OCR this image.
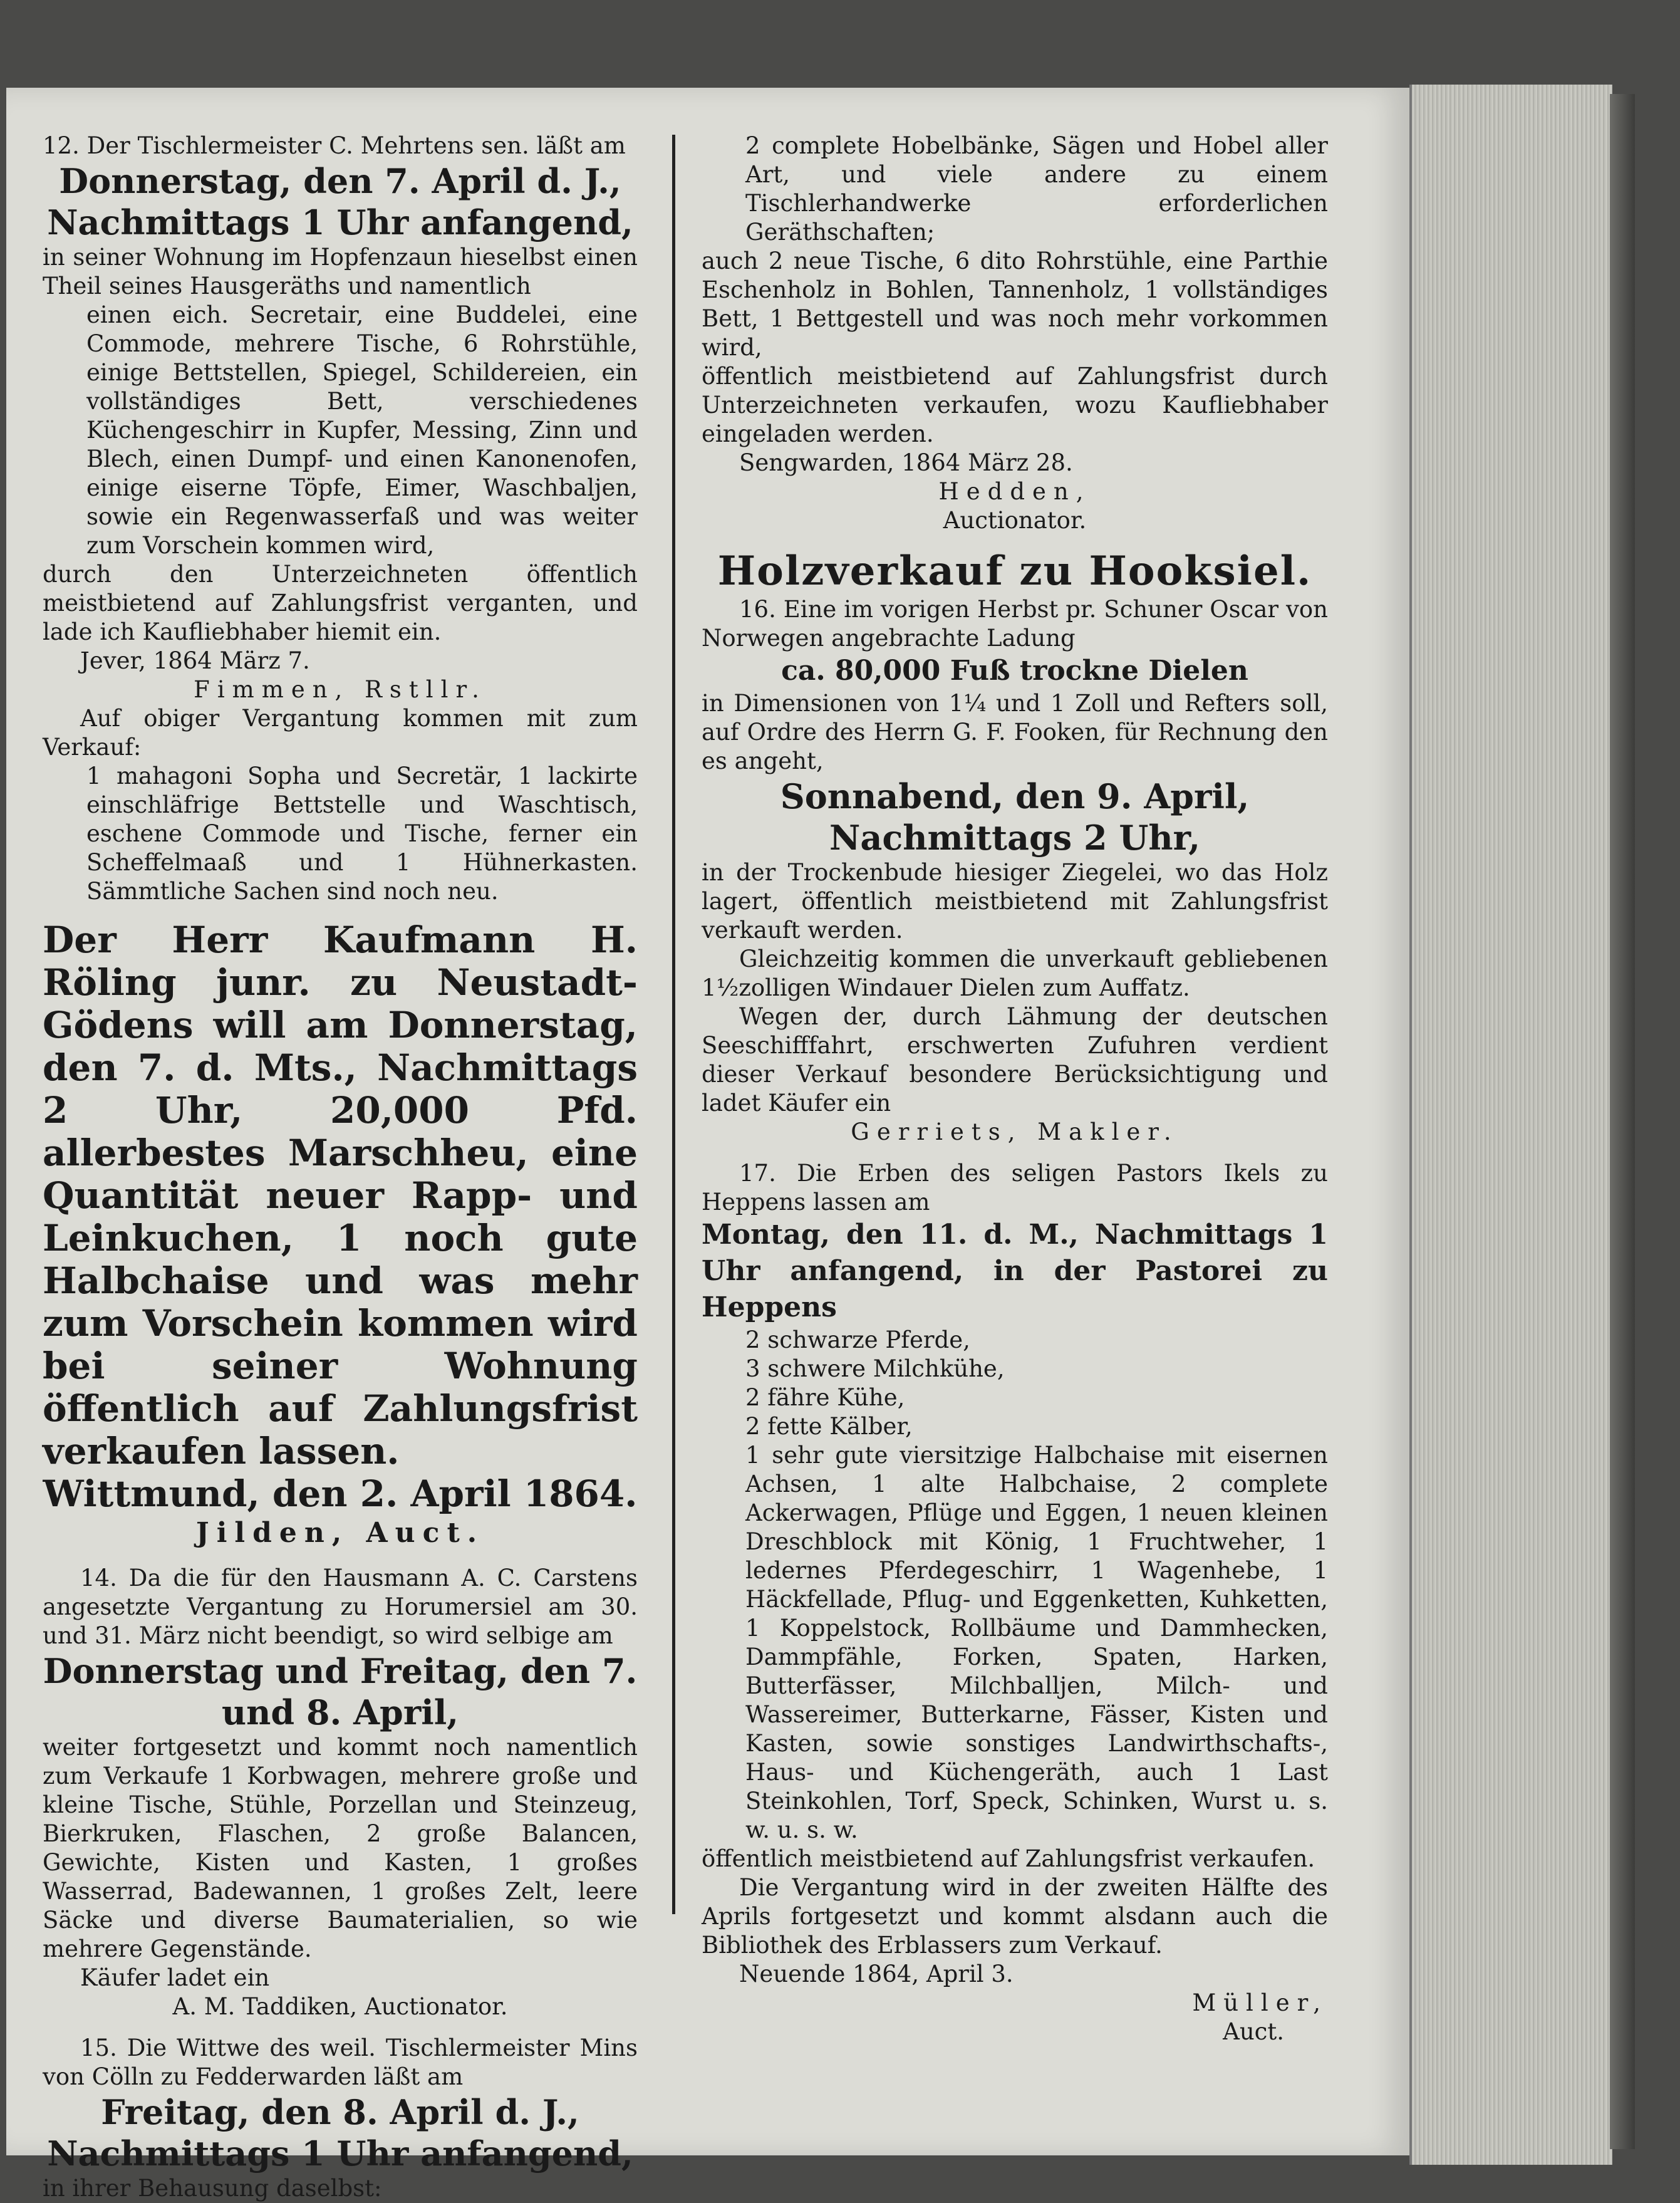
12. Der Tischlermeister C. Mehrtens sen. läßt am

Donnerstag, den 7. April d. J., Nachmittags 1 Uhr anfangend,

in seiner Wohnung im Hopfenzaun hieselbst einen Theil seines Hausgeräths und namentlich

einen eich. Secretair, eine Buddelei, eine Commode, mehrere Tische, 6 Rohrstühle, einige Bettstellen, Spiegel, Schildereien, ein vollständiges Bett, verschiedenes Küchengeschirr in Kupfer, Messing, Zinn und Blech, einen Dumpf- und einen Kanonenofen, einige eiserne Töpfe, Eimer, Waschbaljen, sowie ein Regenwasserfaß und was weiter zum Vorschein kommen wird,

durch den Unterzeichneten öffentlich meistbietend auf Zahlungsfrist verganten, und lade ich Kaufliebhaber hiemit ein.

Jever, 1864 März 7.

Fimmen, Rstllr.

Auf obiger Vergantung kommen mit zum Verkauf:

1 mahagoni Sopha und Secretär, 1 lackirte einschläfrige Bettstelle und Waschtisch, eschene Commode und Tische, ferner ein Scheffelmaaß und 1 Hühnerkasten. Sämmtliche Sachen sind noch neu.

Der Herr Kaufmann H. Röling junr. zu Neustadt-Gödens will am Donnerstag, den 7. d. Mts., Nachmittags 2 Uhr, 20,000 Pfd. allerbestes Marschheu, eine Quantität neuer Rapp- und Leinkuchen, 1 noch gute Halbchaise und was mehr zum Vorschein kommen wird bei seiner Wohnung öffentlich auf Zahlungsfrist verkaufen lassen.

Wittmund, den 2. April 1864.

Jilden, Auct.

14. Da die für den Hausmann A. C. Carstens angesetzte Vergantung zu Horumersiel am 30. und 31. März nicht beendigt, so wird selbige am

Donnerstag und Freitag, den 7. und 8. April,

weiter fortgesetzt und kommt noch namentlich zum Verkaufe 1 Korbwagen, mehrere große und kleine Tische, Stühle, Porzellan und Steinzeug, Bierkruken, Flaschen, 2 große Balancen, Gewichte, Kisten und Kasten, 1 großes Wasserrad, Badewannen, 1 großes Zelt, leere Säcke und diverse Baumaterialien, so wie mehrere Gegenstände.

Käufer ladet ein

A. M. Taddiken, Auctionator.

15. Die Wittwe des weil. Tischlermeister Mins von Cölln zu Fedderwarden läßt am

Freitag, den 8. April d. J., Nachmittags 1 Uhr anfangend,

in ihrer Behausung daselbst:

2 complete Hobelbänke, Sägen und Hobel aller Art, und viele andere zu einem Tischlerhandwerke erforderlichen Geräthschaften;

auch 2 neue Tische, 6 dito Rohrstühle, eine Parthie Eschenholz in Bohlen, Tannenholz, 1 vollständiges Bett, 1 Bettgestell und was noch mehr vorkommen wird,

öffentlich meistbietend auf Zahlungsfrist durch Unterzeichneten verkaufen, wozu Kaufliebhaber eingeladen werden.

Sengwarden, 1864 März 28.

Hedden,

Auctionator.

Holzverkauf zu Hooksiel.

16. Eine im vorigen Herbst pr. Schuner Oscar von Norwegen angebrachte Ladung

ca. 80,000 Fuß trockne Dielen

in Dimensionen von 1¼ und 1 Zoll und Refters soll, auf Ordre des Herrn G. F. Fooken, für Rechnung den es angeht,

Sonnabend, den 9. April, Nachmittags 2 Uhr,

in der Trockenbude hiesiger Ziegelei, wo das Holz lagert, öffentlich meistbietend mit Zahlungsfrist verkauft werden.

Gleichzeitig kommen die unverkauft gebliebenen 1½zolligen Windauer Dielen zum Auffatz.

Wegen der, durch Lähmung der deutschen Seeschifffahrt, erschwerten Zufuhren verdient dieser Verkauf besondere Berücksichtigung und ladet Käufer ein

Gerriets, Makler.

17. Die Erben des seligen Pastors Ikels zu Heppens lassen am

Montag, den 11. d. M., Nachmittags 1 Uhr anfangend, in der Pastorei zu Heppens

2 schwarze Pferde,

3 schwere Milchkühe,

2 fähre Kühe,

2 fette Kälber,

1 sehr gute viersitzige Halbchaise mit eisernen Achsen, 1 alte Halbchaise, 2 complete Ackerwagen, Pflüge und Eggen, 1 neuen kleinen Dreschblock mit König, 1 Fruchtweher, 1 ledernes Pferdegeschirr, 1 Wagenhebe, 1 Häckfellade, Pflug- und Eggenketten, Kuhketten, 1 Koppelstock, Rollbäume und Dammhecken, Dammpfähle, Forken, Spaten, Harken, Butterfässer, Milchballjen, Milch- und Wassereimer, Butterkarne, Fässer, Kisten und Kasten, sowie sonstiges Landwirthschafts-, Haus- und Küchengeräth, auch 1 Last Steinkohlen, Torf, Speck, Schinken, Wurst u. s. w. u. s. w.

öffentlich meistbietend auf Zahlungsfrist verkaufen.

Die Vergantung wird in der zweiten Hälfte des Aprils fortgesetzt und kommt alsdann auch die Bibliothek des Erblassers zum Verkauf.

Neuende 1864, April 3.

Müller,

Auct.
